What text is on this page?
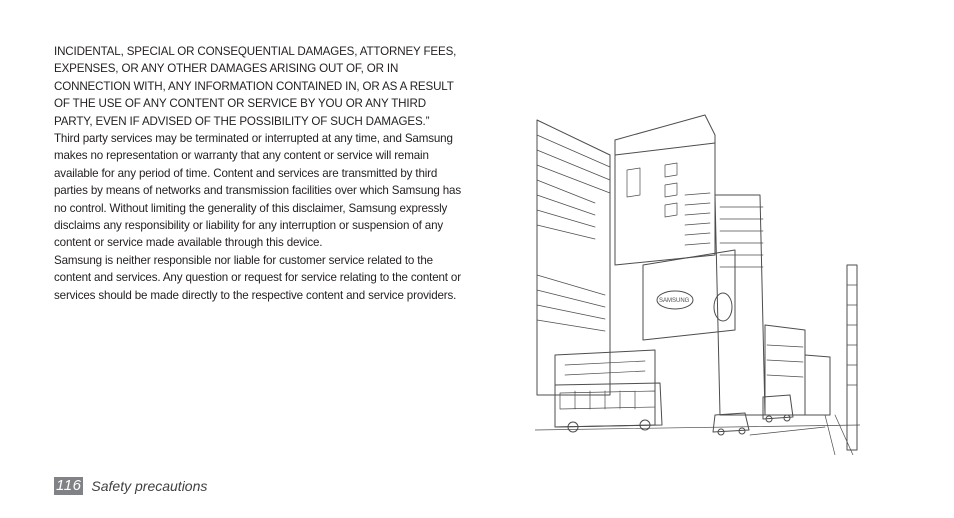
INCIDENTAL, SPECIAL OR CONSEQUENTIAL DAMAGES, ATTORNEY FEES, EXPENSES, OR ANY OTHER DAMAGES ARISING OUT OF, OR IN CONNECTION WITH, ANY INFORMATION CONTAINED IN, OR AS A RESULT OF THE USE OF ANY CONTENT OR SERVICE BY YOU OR ANY THIRD PARTY, EVEN IF ADVISED OF THE POSSIBILITY OF SUCH DAMAGES.”

Third party services may be terminated or interrupted at any time, and Samsung makes no representation or warranty that any content or service will remain available for any period of time. Content and services are transmitted by third parties by means of networks and transmission facilities over which Samsung has no control. Without limiting the generality of this disclaimer, Samsung expressly disclaims any responsibility or liability for any interruption or suspension of any content or service made available through this device.

Samsung is neither responsible nor liable for customer service related to the content and services. Any question or request for service relating to the content or services should be made directly to the respective content and service providers.	SAMSUNG
116 Safety precautions
